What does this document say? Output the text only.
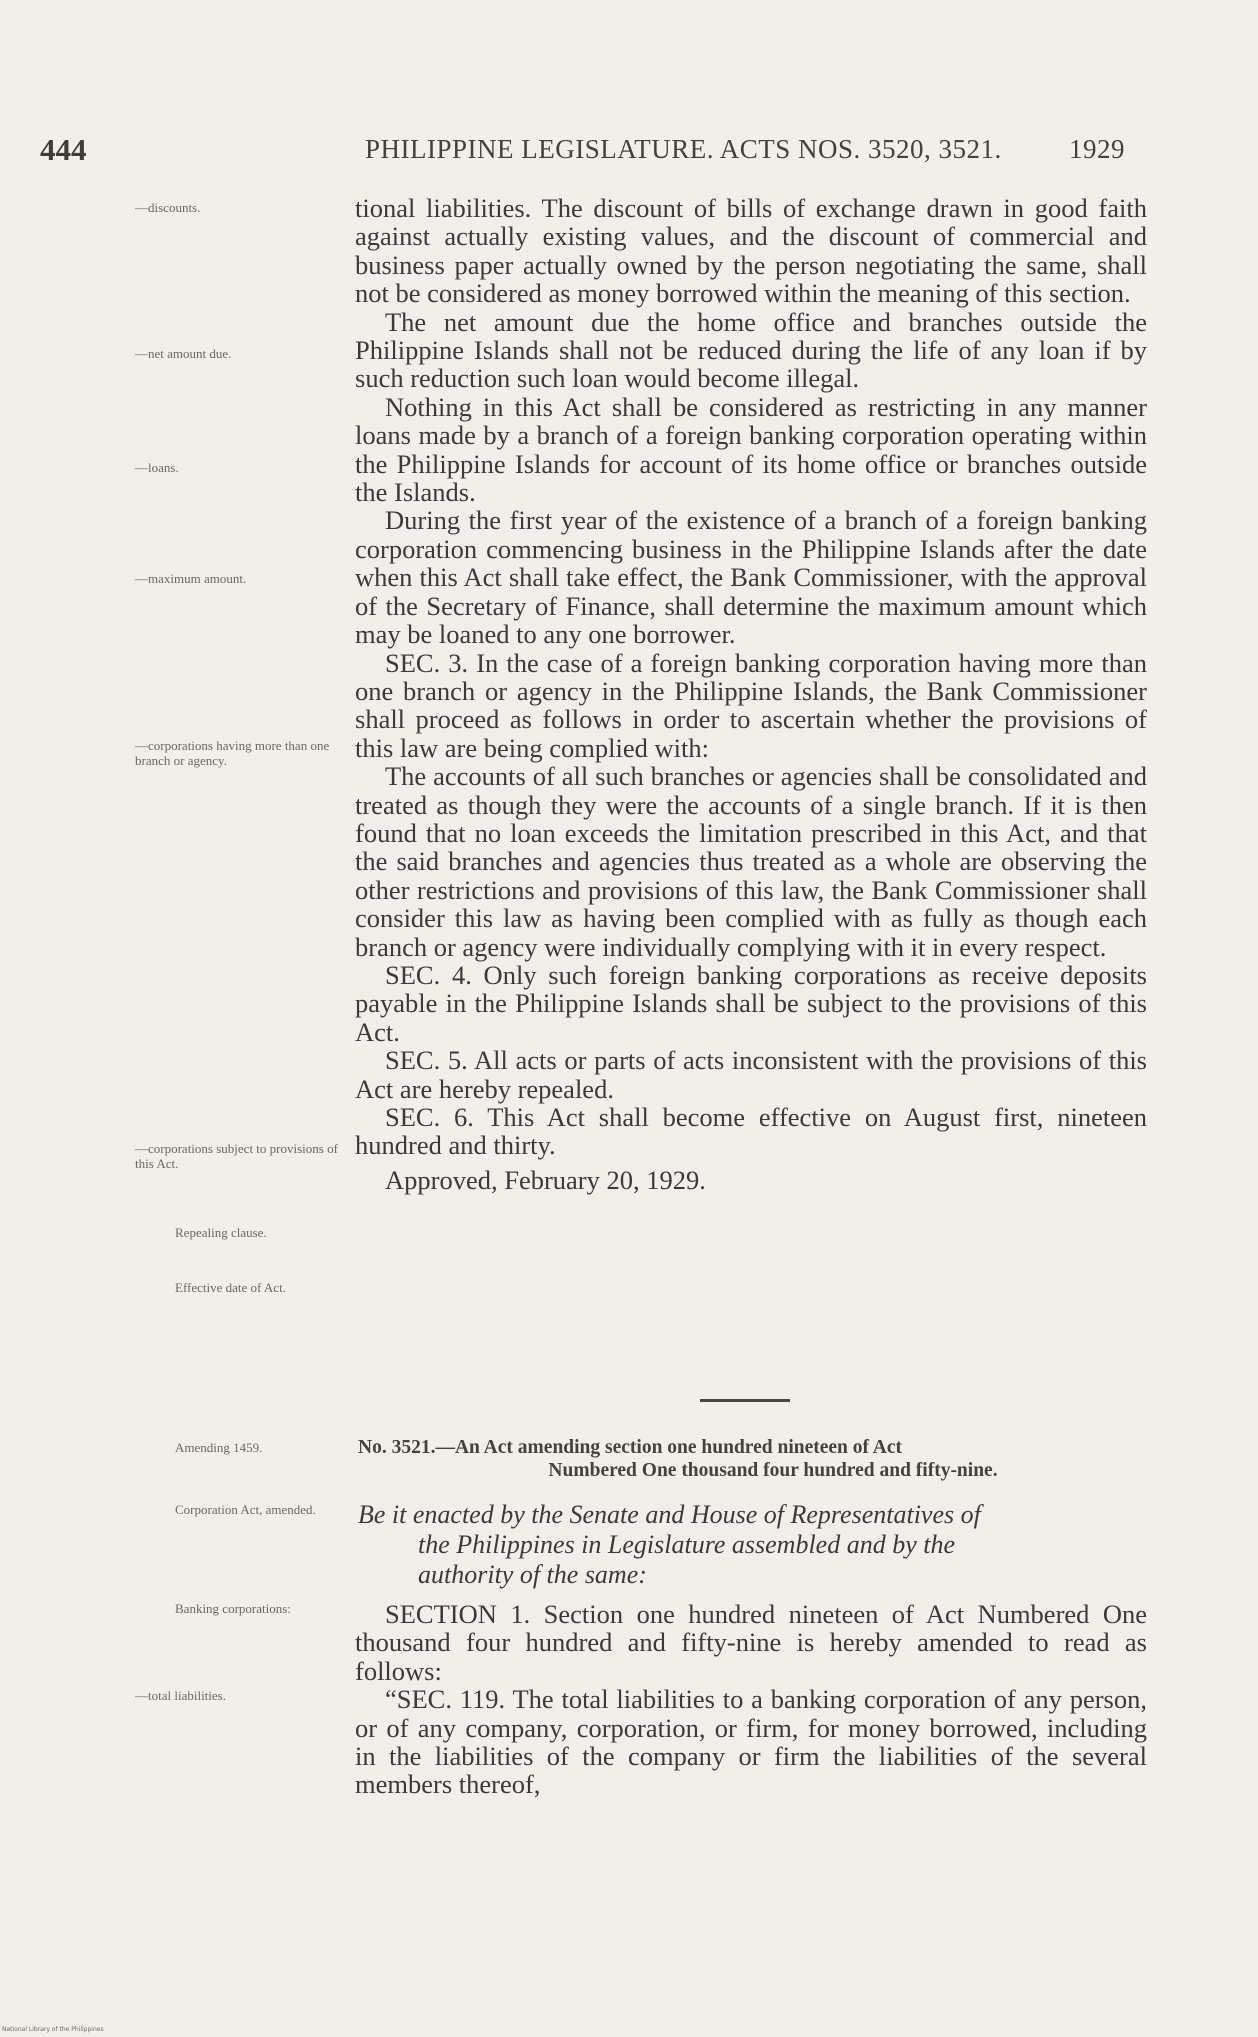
444	PHILIPPINE LEGISLATURE. ACTS NOS. 3520, 3521. 1929
—discounts.
—net amount due.
—loans.
—maximum amount.
—corporations having more than one branch or agency.
—corporations subject to provisions of this Act.
Repealing clause.
Effective date of Act.
Amending 1459.
Corporation Act, amended.
Banking corporations:
—total liabilities.

tional liabilities. The discount of bills of exchange drawn in good faith against actually existing values, and the discount of commercial and business paper actually owned by the person negotiating the same, shall not be considered as money borrowed within the meaning of this section.

The net amount due the home office and branches outside the Philippine Islands shall not be reduced during the life of any loan if by such reduction such loan would become illegal.

Nothing in this Act shall be considered as restricting in any manner loans made by a branch of a foreign banking corporation operating within the Philippine Islands for account of its home office or branches outside the Islands.

During the first year of the existence of a branch of a foreign banking corporation commencing business in the Philippine Islands after the date when this Act shall take effect, the Bank Commissioner, with the approval of the Secretary of Finance, shall determine the maximum amount which may be loaned to any one borrower.

SEC. 3. In the case of a foreign banking corporation having more than one branch or agency in the Philippine Islands, the Bank Commissioner shall proceed as follows in order to ascertain whether the provisions of this law are being complied with:

The accounts of all such branches or agencies shall be consolidated and treated as though they were the accounts of a single branch. If it is then found that no loan exceeds the limitation prescribed in this Act, and that the said branches and agencies thus treated as a whole are observing the other restrictions and provisions of this law, the Bank Commissioner shall consider this law as having been complied with as fully as though each branch or agency were individually complying with it in every respect.

SEC. 4. Only such foreign banking corporations as receive deposits payable in the Philippine Islands shall be subject to the provisions of this Act.

SEC. 5. All acts or parts of acts inconsistent with the provisions of this Act are hereby repealed.

SEC. 6. This Act shall become effective on August first, nineteen hundred and thirty.

Approved, February 20, 1929.

No. 3521.—An Act amending section one hundred nineteen of Act
Numbered One thousand four hundred and fifty-nine.
Be it enacted by the Senate and House of Representatives of
the Philippines in Legislature assembled and by the
authority of the same:

SECTION 1. Section one hundred nineteen of Act Numbered One thousand four hundred and fifty-nine is hereby amended to read as follows:

“SEC. 119. The total liabilities to a banking corporation of any person, or of any company, corporation, or firm, for money borrowed, including in the liabilities of the company or firm the liabilities of the several members thereof,

National Library of the Philippines
